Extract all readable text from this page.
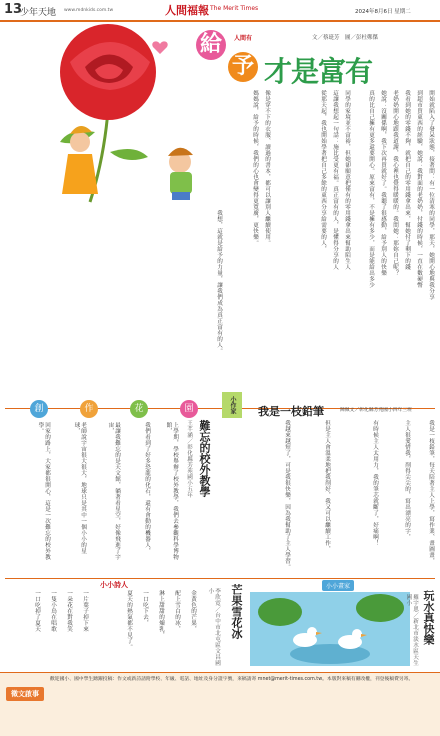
13
少年天地 www.mdnkids.com.tw	人間福報 The Merit Times	2024年8月6日 星期二
人間有	文／蔡珽芳　圖／彭杜鄭傑
給
予 才是富有
開始就陷入了發呆狀態，接著問：有一位清寒的同學，那天，她開心地與我分享
到超市買東西的經驗，她說：我對面的老奶奶，付錢的時候，一直在數硬幣
我看到她的零錢不夠，就把自己的零用錢拿出來，幫她付了剩下的錢
老奶奶開心地跟我道謝，我心裡也覺得暖暖的。我問她：那妳自己呢？
她說：沒關係啊，我下次再買就好了。我聽了很感動，給予別人的快樂
真的比自己擁有更多還要開心。原來富有，不是擁有多少，而是能給出多少
同學的家境並不富裕，但她卻願意把僅有的零用錢拿出來幫助陌生人
這讓我想起一句話：施比受更有福。真正富有的人，是懂得分享的人
從那天起，我也開始學著把自己多餘的東西分享給需要的人，
像是穿不下的衣服、讀過的書本，都可以讓別人繼續使用。
媽媽說，給予的時候，我們的心也會變得更寬廣，更快樂。
我想，這就是給予的力量，讓我們成為真正富有的人。
創	作	花	園	小作家	我是一枝鉛筆	陳佩文／彰化縣芳苑國小四年三班
我是一枝鉛筆，每天陪著主人上學，寫作業、畫圖畫，
主人很愛惜我，削得尖尖的，寫出漂亮的字，
有時候主人太用力，我的筆芯就斷了，好痛啊！
但是主人會溫柔地把我削好，我又可以繼續工作，
我越來越短了，可是我很快樂，因為我幫助了主人學習。
難忘的校外教學
王芊涵／彰化縣芳苑國小五年
上學期，學校舉辦了校外教學，我們去參觀科學博物館，
我們看到了好多恐龍的化石，還有會動的機器人，
最讓我難忘的是天文館，躺著看星空，好像飛進了宇宙，
老師說宇宙很大很大，地球只是其中一個小小的星球，
回家的路上，大家都很開心，這是一次難忘的校外教學。
小小詩人
一片葉子掉下來
一朵花在對我笑
一隻小鳥在唱歌
一口吃掉了夏天	芒果雪花冰
李欣霓／台中市北屯區文昌國小
金黃色的芒果，
配上雪白的冰，
淋上甜甜的煉乳，
一口吃下去，
夏天的熱氣都不見了。
小小畫家
玩水真快樂
羅宇恩／新北市淡水區天生國小
徵文啟事
歡迎國小、國中學生踴躍投稿：作文或新詩請附學校、年級、電話、地址及身分證字號，來稿請寄 mnet@merit-times.com.tw。本版對來稿有刪改權，刊登後稿費另寄。
